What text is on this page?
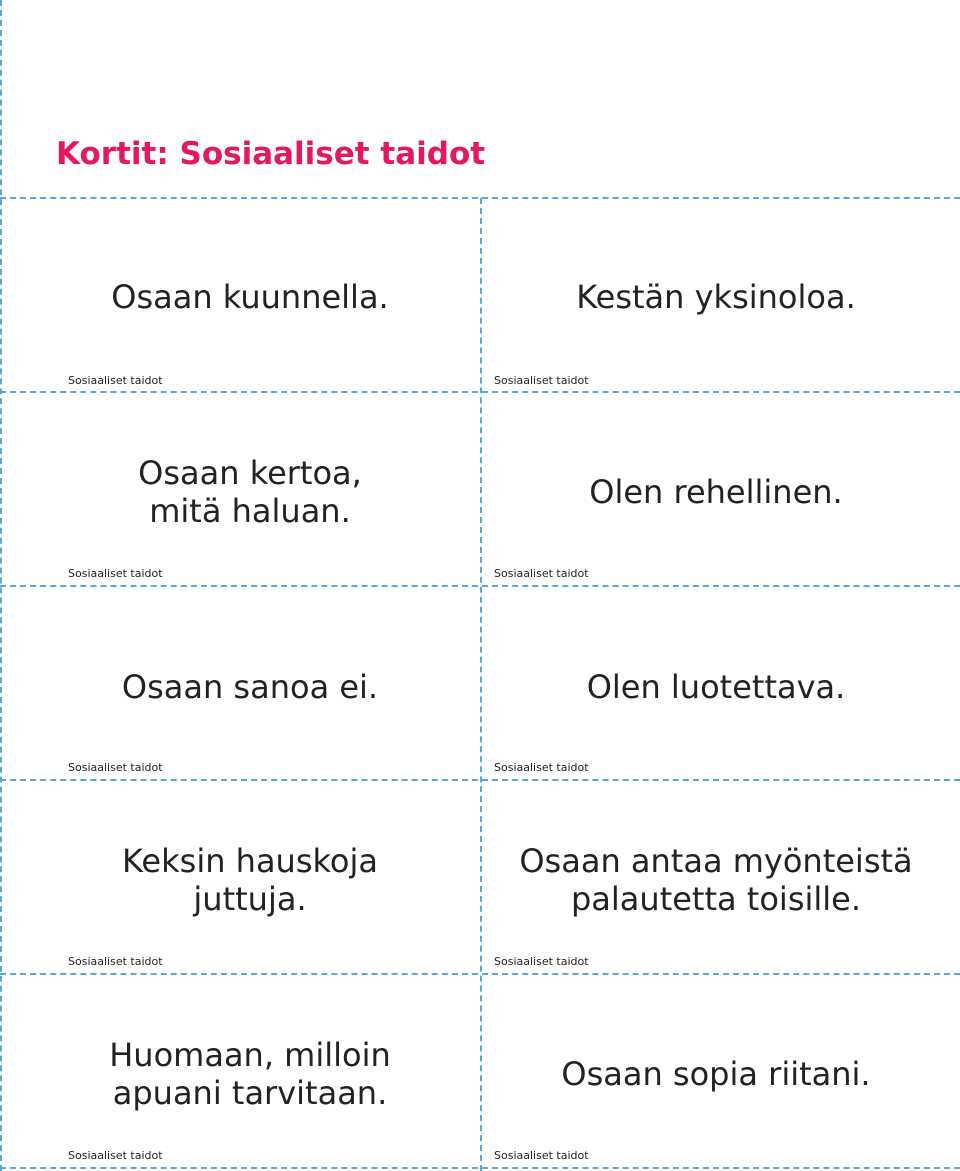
Kortit: Sosiaaliset taidot
Osaan kuunnella.
Sosiaaliset taidot
Kestän yksinoloa.
Sosiaaliset taidot
Osaan kertoa,
mitä haluan.
Sosiaaliset taidot
Olen rehellinen.
Sosiaaliset taidot
Osaan sanoa ei.
Sosiaaliset taidot
Olen luotettava.
Sosiaaliset taidot
Keksin hauskoja
juttuja.
Sosiaaliset taidot
Osaan antaa myönteistä
palautetta toisille.
Sosiaaliset taidot
Huomaan, milloin
apuani tarvitaan.
Sosiaaliset taidot
Osaan sopia riitani.
Sosiaaliset taidot
